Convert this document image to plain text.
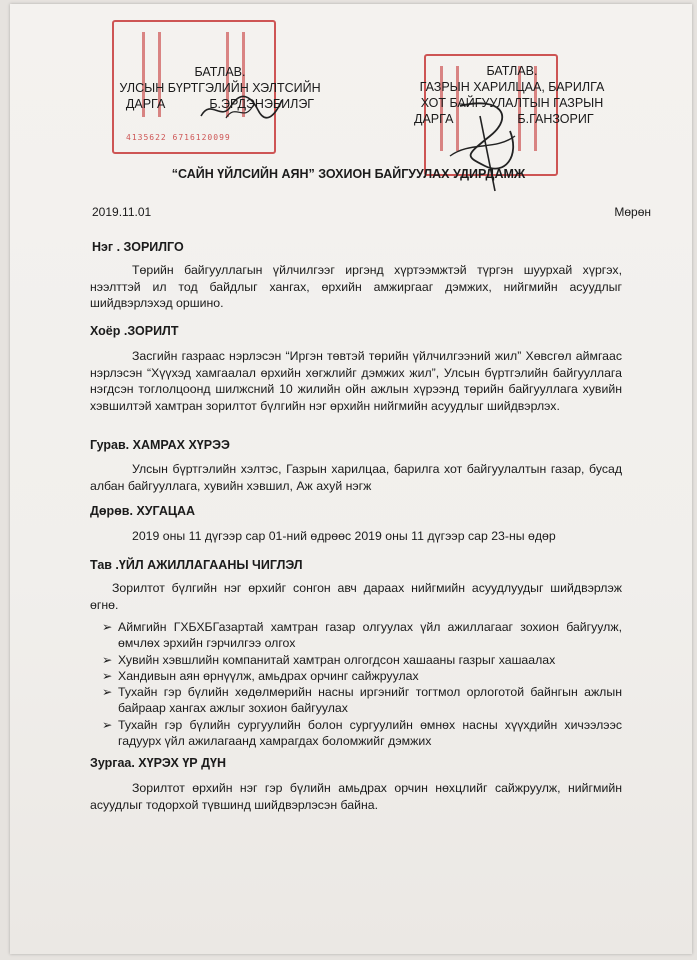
4135622 6716120099
БАТЛАВ.
УЛСЫН БҮРТГЭЛИЙН ХЭЛТСИЙН
ДАРГА	Б.ЭРДЭНЭБИЛЭГ
БАТЛАВ.
ГАЗРЫН ХАРИЛЦАА, БАРИЛГА
ХОТ БАЙГУУЛАЛТЫН ГАЗРЫН
ДАРГА	Б.ГАНЗОРИГ
“САЙН ҮЙЛСИЙН АЯН” ЗОХИОН БАЙГУУЛАХ УДИРДАМЖ
2019.11.01	Мөрөн
Нэг . ЗОРИЛГО
Төрийн байгууллагын үйлчилгээг иргэнд хүртээмжтэй түргэн шуурхай хүргэх, нээлттэй ил тод байдлыг хангах, өрхийн амжиргааг дэмжих, нийгмийн асуудлыг шийдвэрлэхэд оршино.
Хоёр .ЗОРИЛТ
Засгийн газраас нэрлэсэн “Иргэн төвтэй төрийн үйлчилгээний жил” Хөвсгөл аймгаас нэрлэсэн “Хүүхэд хамгаалал өрхийн хөгжлийг дэмжих жил”, Улсын бүртгэлийн байгууллага нэгдсэн тоглолцоонд шилжсний 10 жилийн ойн ажлын хүрээнд төрийн байгууллага хувийн хэвшилтэй хамтран зорилтот бүлгийн нэг өрхийн нийгмийн асуудлыг шийдвэрлэх.
Гурав. ХАМРАХ ХҮРЭЭ
Улсын бүртгэлийн хэлтэс, Газрын харилцаа, барилга хот байгуулалтын газар, бусад албан байгууллага, хувийн хэвшил, Аж ахуй нэгж
Дөрөв. ХУГАЦАА
2019 оны 11 дүгээр сар 01-ний өдрөөс 2019 оны 11 дүгээр сар 23-ны өдөр
Тав .ҮЙЛ АЖИЛЛАГААНЫ ЧИГЛЭЛ
Зорилтот бүлгийн нэг өрхийг сонгон авч дараах нийгмийн асуудлуудыг шийдвэрлэж өгнө.
➢ Аймгийн ГХБХБГазартай хамтран газар олгуулах үйл ажиллагааг зохион байгуулж, өмчлөх эрхийн гэрчилгээ олгох
➢ Хувийн хэвшлийн компанитай хамтран олгогдсон хашааны газрыг хашаалах
➢ Хандивын аян өрнүүлж, амьдрах орчинг сайжруулах
➢ Тухайн гэр бүлийн хөдөлмөрийн насны иргэнийг тогтмол орлоготой байнгын ажлын байраар хангах ажлыг зохион байгуулах
➢ Тухайн гэр бүлийн сургуулийн болон сургуулийн өмнөх насны хүүхдийн хичээлээс гадуурх үйл ажилагаанд хамрагдах боломжийг дэмжих
Зургаа. ХҮРЭХ ҮР ДҮН
Зорилтот өрхийн нэг гэр бүлийн амьдрах орчин нөхцлийг сайжруулж, нийгмийн асуудлыг тодорхой түвшинд шийдвэрлэсэн байна.
